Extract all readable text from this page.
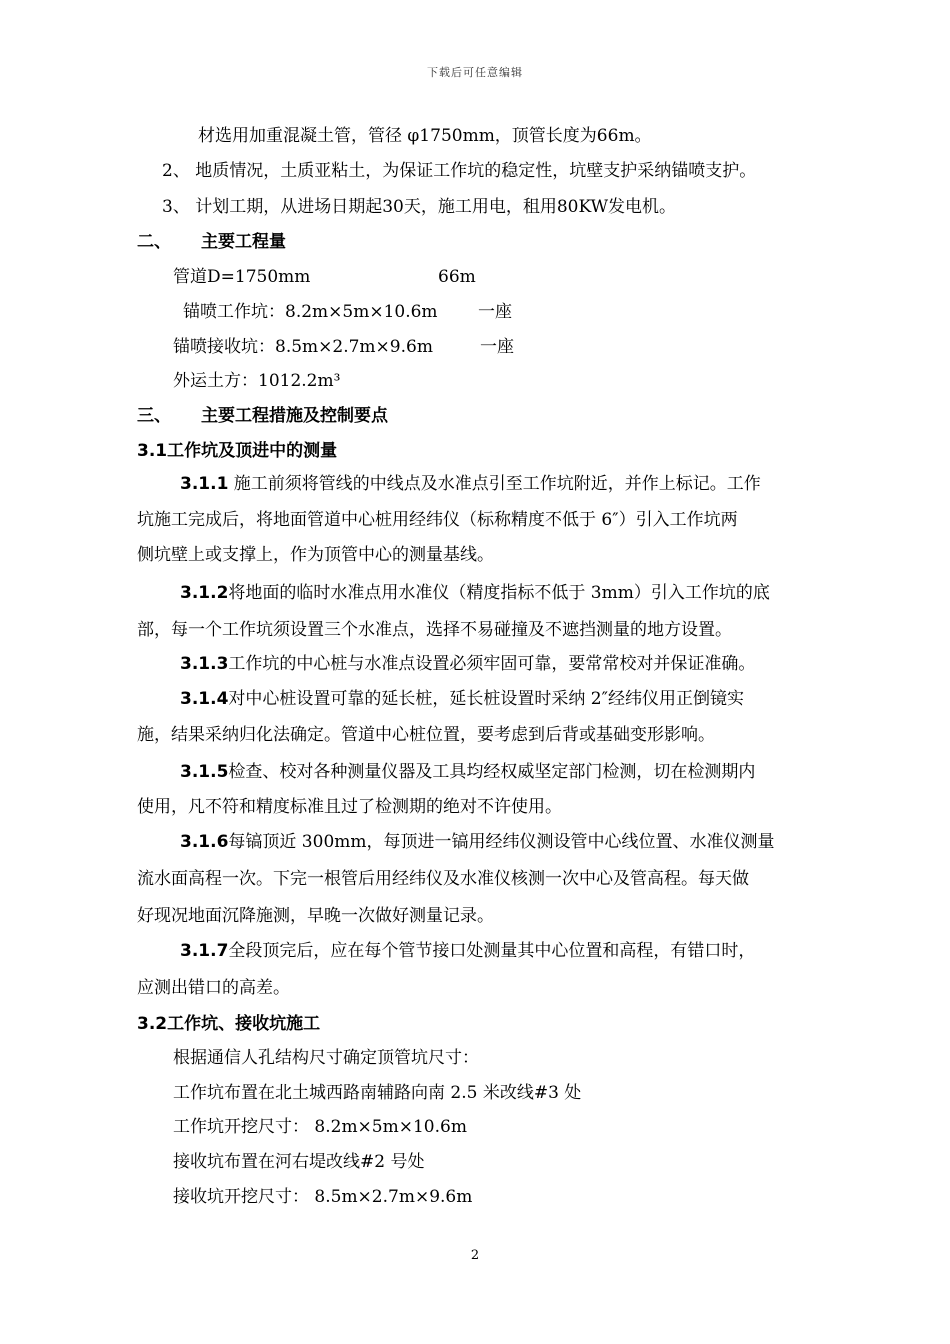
下载后可任意编辑
材选用加重混凝土管，管径 φ1750mm，顶管长度为66m。
2、 地质情况，土质亚粘土，为保证工作坑的稳定性，坑壁支护采纳锚喷支护。
3、 计划工期，从进场日期起30天，施工用电，租用80KW发电机。
二、 主要工程量
管道D=1750mm	66m
锚喷工作坑：8.2m×5m×10.6m 一座
锚喷接收坑：8.5m×2.7m×9.6m	一座
外运土方：1012.2m³
三、 主要工程措施及控制要点
3.1工作坑及顶进中的测量
3.1.1 施工前须将管线的中线点及水准点引至工作坑附近，并作上标记。工作
坑施工完成后，将地面管道中心桩用经纬仪（标称精度不低于 6″）引入工作坑两
侧坑壁上或支撑上，作为顶管中心的测量基线。
3.1.2将地面的临时水准点用水准仪（精度指标不低于 3mm）引入工作坑的底
部，每一个工作坑须设置三个水准点，选择不易碰撞及不遮挡测量的地方设置。
3.1.3工作坑的中心桩与水准点设置必须牢固可靠，要常常校对并保证准确。
3.1.4对中心桩设置可靠的延长桩，延长桩设置时采纳 2″经纬仪用正倒镜实
施，结果采纳归化法确定。管道中心桩位置，要考虑到后背或基础变形影响。
3.1.5检查、校对各种测量仪器及工具均经权威坚定部门检测，切在检测期内
使用，凡不符和精度标准且过了检测期的绝对不许使用。
3.1.6每镐顶近 300mm，每顶进一镐用经纬仪测设管中心线位置、水准仪测量
流水面高程一次。下完一根管后用经纬仪及水准仪核测一次中心及管高程。每天做
好现况地面沉降施测，早晚一次做好测量记录。
3.1.7全段顶完后，应在每个管节接口处测量其中心位置和高程，有错口时，
应测出错口的高差。
3.2工作坑、接收坑施工
根据通信人孔结构尺寸确定顶管坑尺寸：
工作坑布置在北土城西路南辅路向南 2.5 米改线#3 处
工作坑开挖尺寸： 8.2m×5m×10.6m
接收坑布置在河右堤改线#2 号处
接收坑开挖尺寸： 8.5m×2.7m×9.6m
2
